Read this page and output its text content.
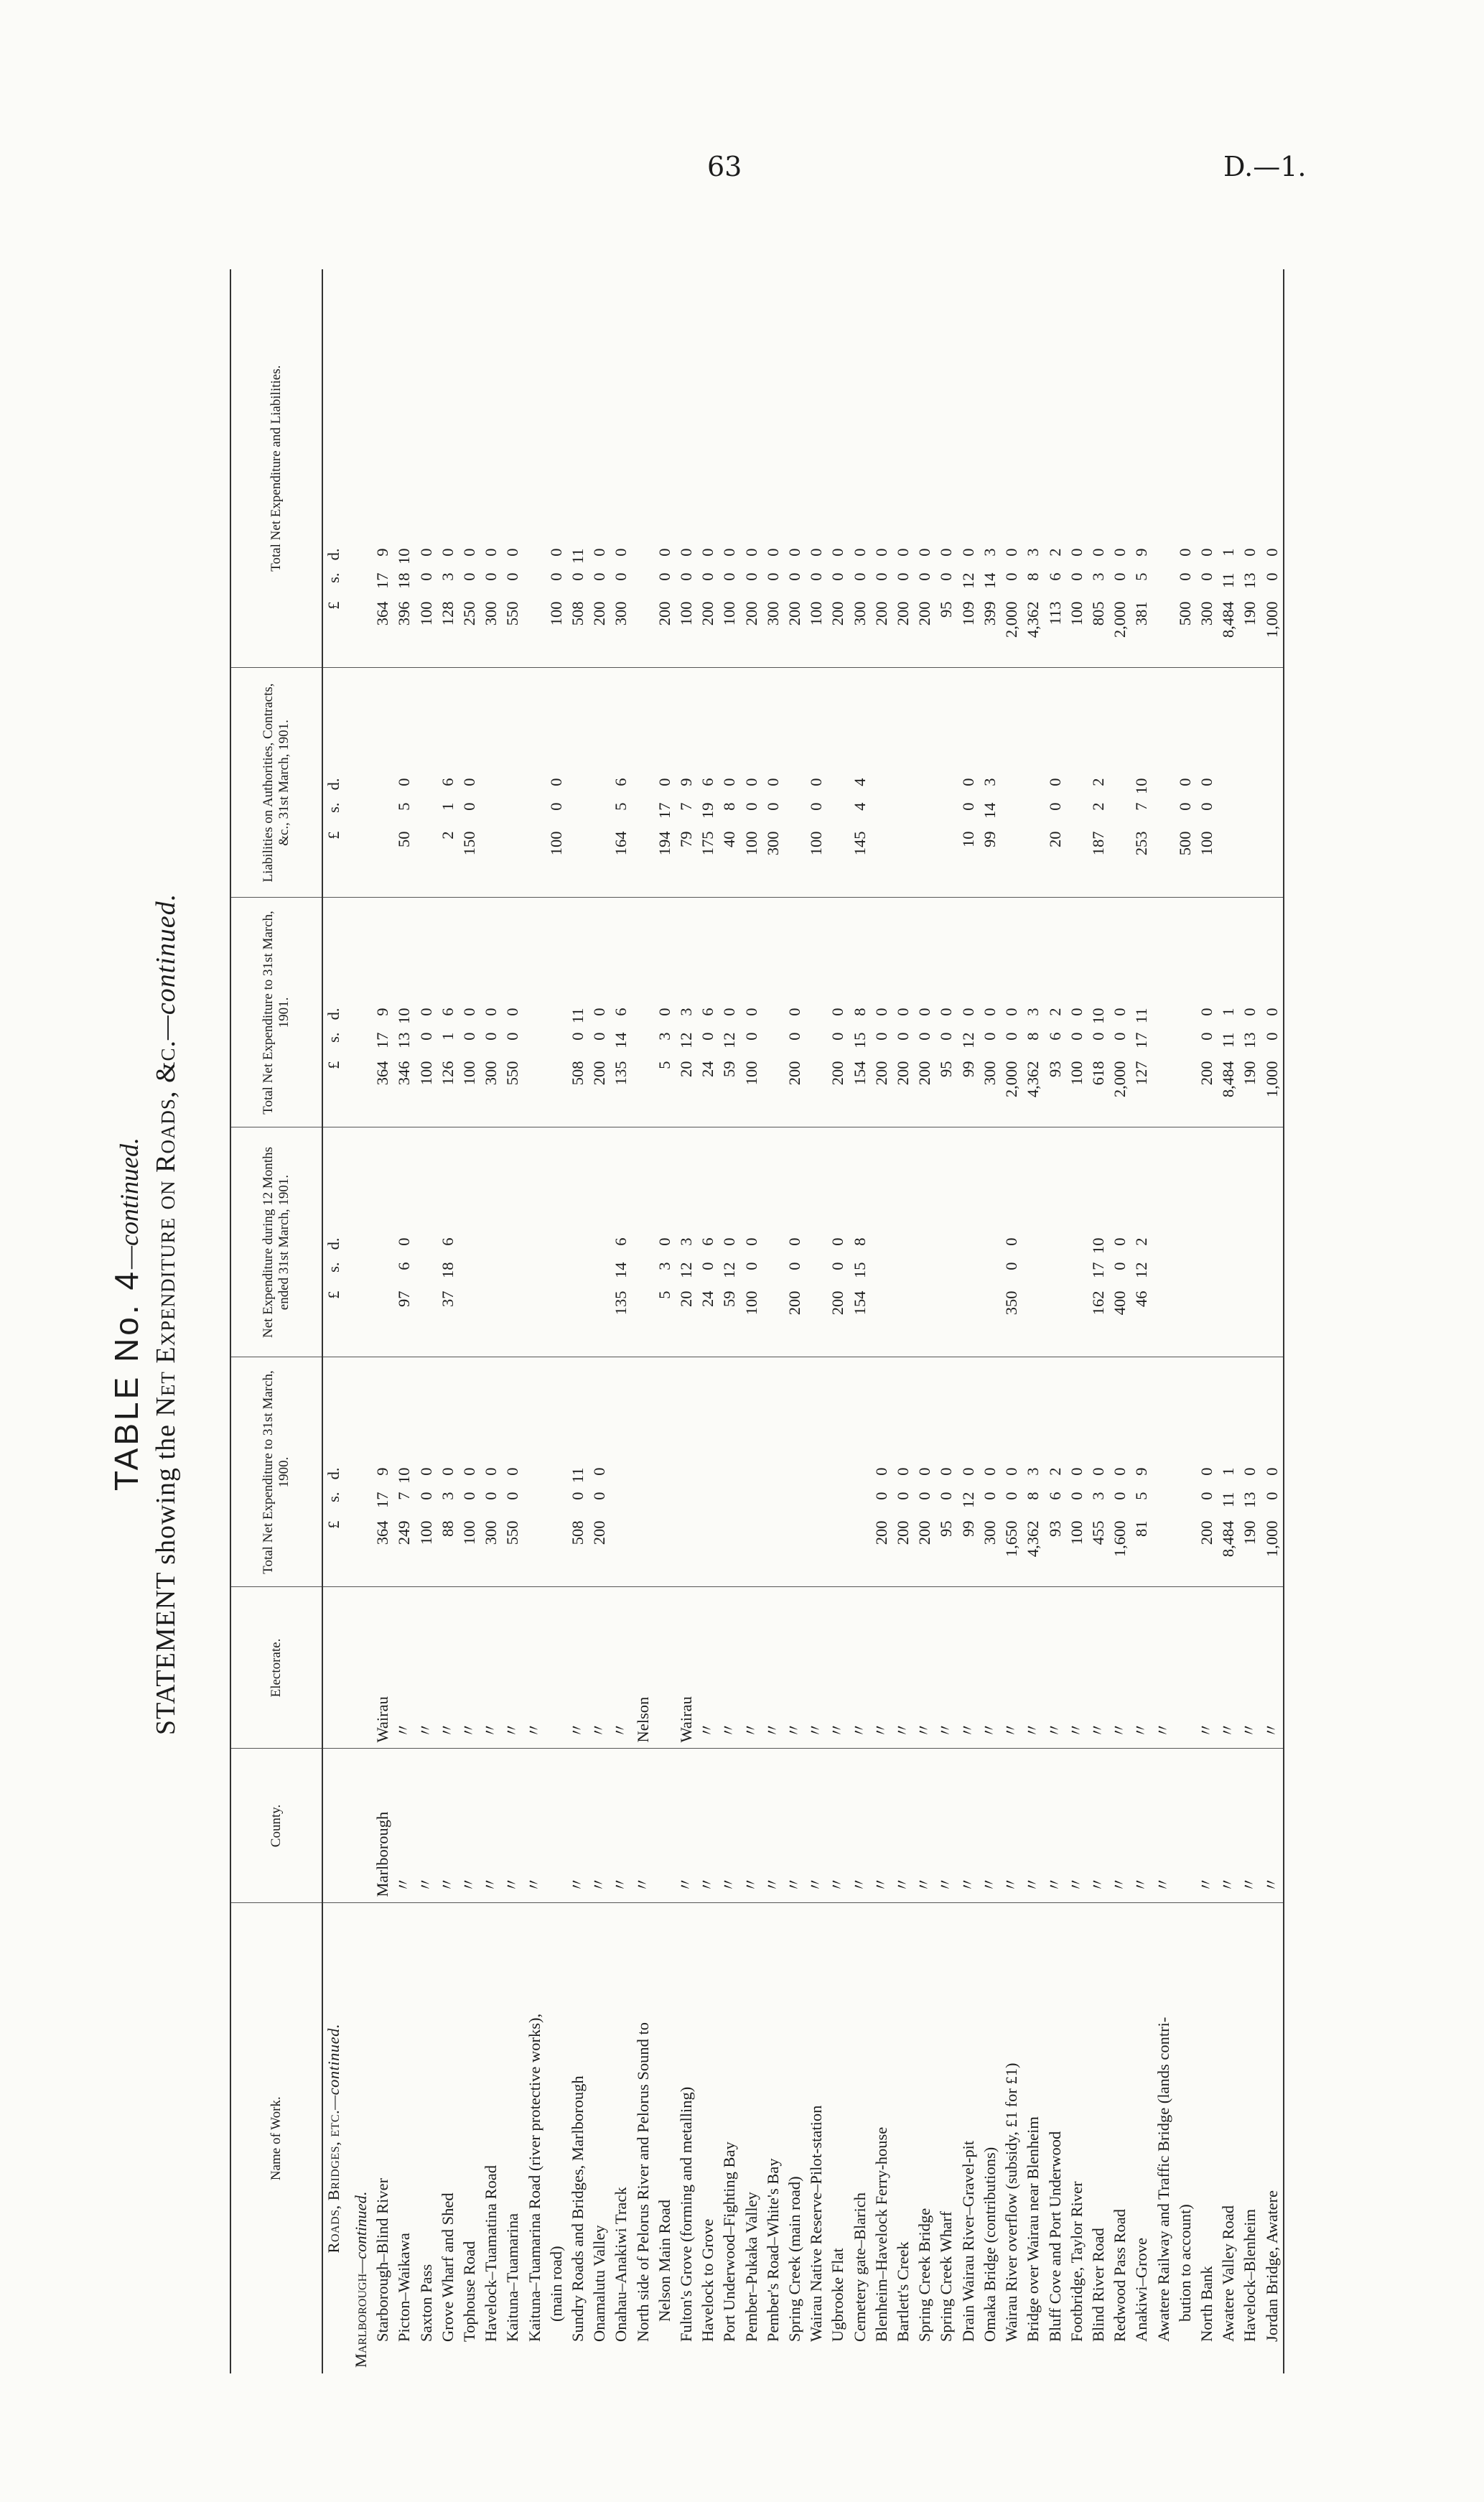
63	D.—1.
TABLE No. 4—continued.
STATEMENT showing the Net Expenditure on Roads, &c.—continued.
Name of Work.	County.	Electorate.	Total Net Expenditure to 31st March, 1900.	Net Expenditure during 12 Months ended 31st March, 1901.	Total Net Expenditure to 31st March, 1901.	Liabilities on Authorities, Contracts, &c., 31st March, 1901.	Total Net Expenditure and Liabilities.
Roads, Bridges, etc.—continued.			£s.d.	£s.d.	£s.d.	£s.d.	£s.d.
Marlborough—continued.							
Starborough–Blind River	Marlborough	Wairau	364179		364179		364179
Picton–Waikawa	〃	〃	249710	9760	3461310	5050	3961810
Saxton Pass	〃	〃	10000		10000		10000
Grove Wharf and Shed	〃	〃	8830	37186	12616	216	12830
Tophouse Road	〃	〃	10000		10000	15000	25000
Havelock–Tuamatina Road	〃	〃	30000		30000		30000
Kaituna–Tuamarina	〃	〃	55000		55000		55000
Kaituna–Tuamarina Road (river protective works), (main road)	〃	〃				10000	10000
Sundry Roads and Bridges, Marlborough	〃	〃	508011		508011		508011
Onamalutu Valley	〃	〃	20000		20000		20000
Onahau–Anakiwi Track	〃	〃		135146	135146	16456	30000
North side of Pelorus River and Pelorus Sound to Nelson Main Road	〃	Nelson		530	530	194170	20000
Fulton's Grove (forming and metalling)	〃	Wairau		20123	20123	7979	10000
Havelock to Grove	〃	〃		2406	2406	175196	20000
Port Underwood–Fighting Bay	〃	〃		59120	59120	4080	10000
Pember–Pukaka Valley	〃	〃		10000	10000	10000	20000
Pember's Road–White's Bay	〃	〃				30000	30000
Spring Creek (main road)	〃	〃		20000	20000		20000
Wairau Native Reserve–Pilot-station	〃	〃				10000	10000
Ugbrooke Flat	〃	〃		20000	20000		20000
Cemetery gate–Blarich	〃	〃		154158	154158	14544	30000
Blenheim–Havelock Ferry-house	〃	〃	20000		20000		20000
Bartlett's Creek	〃	〃	20000		20000		20000
Spring Creek Bridge	〃	〃	20000		20000		20000
Spring Creek Wharf	〃	〃	9500		9500		9500
Drain Wairau River–Gravel-pit	〃	〃	99120		99120	1000	109120
Omaka Bridge (contributions)	〃	〃	30000		30000	99143	399143
Wairau River overflow (subsidy, £1 for £1)	〃	〃	1,65000	35000	2,00000		2,00000
Bridge over Wairau near Blenheim	〃	〃	4,36283		4,36283		4,36283
Bluff Cove and Port Underwood	〃	〃	9362		9362	2000	11362
Footbridge, Taylor River	〃	〃	10000		10000		10000
Blind River Road	〃	〃	45530	1621710	618010	18722	80530
Redwood Pass Road	〃	〃	1,60000	40000	2,00000		2,00000
Anakiwi–Grove	〃	〃	8159	46122	1271711	253710	38159
Awatere Railway and Traffic Bridge (lands contri- bution to account)	〃	〃				50000	50000
North Bank	〃	〃	20000		20000	10000	30000
Awatere Valley Road	〃	〃	8,484111		8,484111		8,484111
Havelock–Blenheim	〃	〃	190130		190130		190130
Jordan Bridge, Awatere	〃	〃	1,00000		1,00000		1,00000
